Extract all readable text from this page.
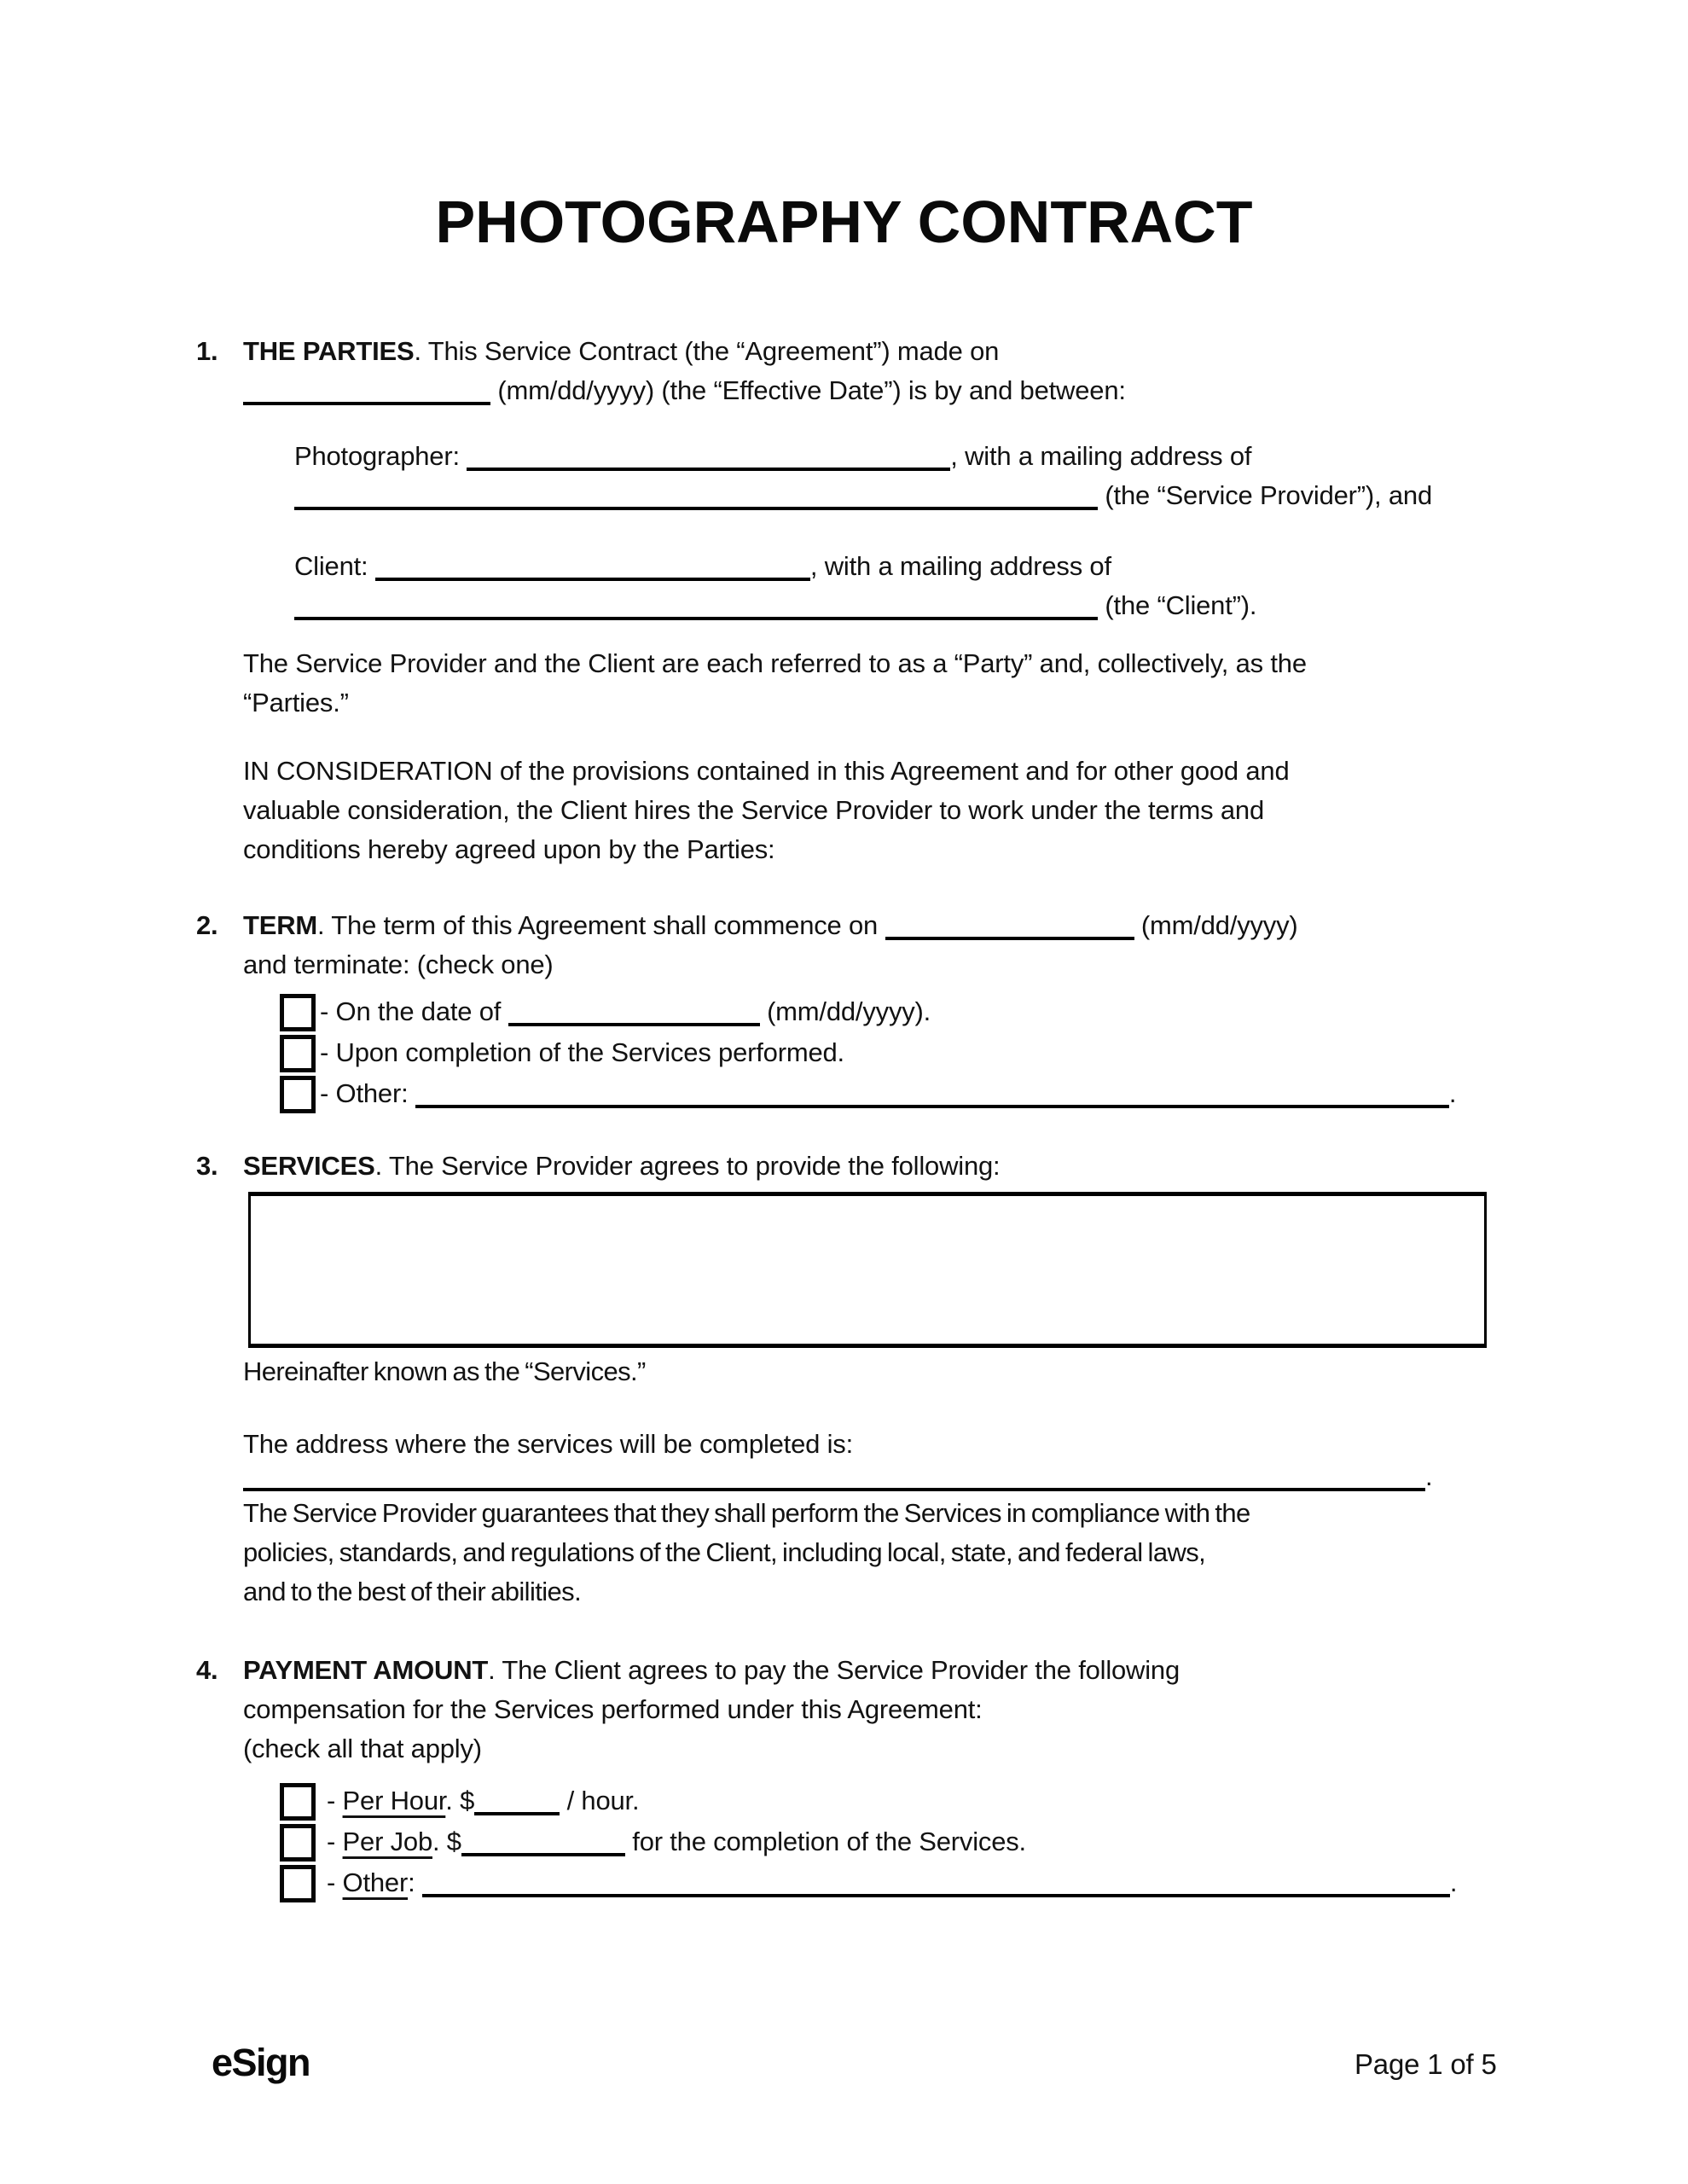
PHOTOGRAPHY CONTRACT
1. THE PARTIES. This Service Contract (the “Agreement”) made on
(mm/dd/yyyy) (the “Effective Date”) is by and between:
Photographer:	, with a mailing address of
(the “Service Provider”), and
Client:	, with a mailing address of
(the “Client”).
The Service Provider and the Client are each referred to as a “Party” and, collectively, as the
“Parties.”
IN CONSIDERATION of the provisions contained in this Agreement and for other good and
valuable consideration, the Client hires the Service Provider to work under the terms and
conditions hereby agreed upon by the Parties:
2. TERM. The term of this Agreement shall commence on	(mm/dd/yyyy)
and terminate: (check one)
- On the date of	(mm/dd/yyyy).
- Upon completion of the Services performed.
- Other:	.
3. SERVICES. The Service Provider agrees to provide the following:
Hereinafter known as the “Services.”
The address where the services will be completed is:
.
The Service Provider guarantees that they shall perform the Services in compliance with the
policies, standards, and regulations of the Client, including local, state, and federal laws,
and to the best of their abilities.
4. PAYMENT AMOUNT. The Client agrees to pay the Service Provider the following
compensation for the Services performed under this Agreement:
(check all that apply)
- Per Hour. $	/ hour.
- Per Job. $	for the completion of the Services.
- Other:	.
eSign	Page 1 of 5
